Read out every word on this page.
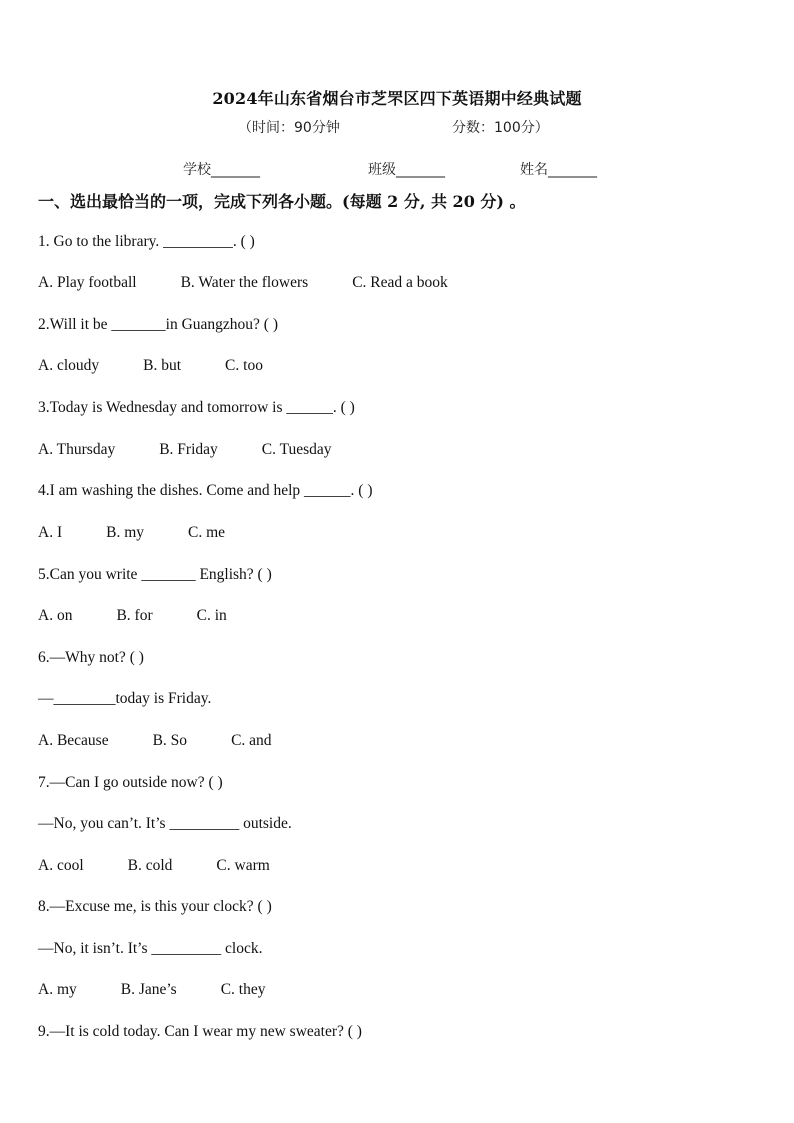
2024年山东省烟台市芝罘区四下英语期中经典试题
（时间：90分钟	分数：100分）
学校_______	班级_______	姓名_______
一、选出最恰当的一项，完成下列各小题。(每题 2 分, 共 20 分) 。
1. Go to the library. _________. ( )
A. Play football	B. Water the flowers	C. Read a book
2.Will it be _______in Guangzhou? ( )
A. cloudy	B. but	C. too
3.Today is Wednesday and tomorrow is ______. ( )
A. Thursday	B. Friday	C. Tuesday
4.I am washing the dishes. Come and help ______. ( )
A. I	B. my	C. me
5.Can you write _______ English? ( )
A. on	B. for	C. in
6.—Why not? ( )
—________today is Friday.
A. Because	B. So	C. and
7.—Can I go outside now? ( )
—No, you can’t. It’s _________ outside.
A. cool	B. cold	C. warm
8.—Excuse me, is this your clock? ( )
—No, it isn’t. It’s _________ clock.
A. my	B. Jane’s	C. they
9.—It is cold today. Can I wear my new sweater? ( )
